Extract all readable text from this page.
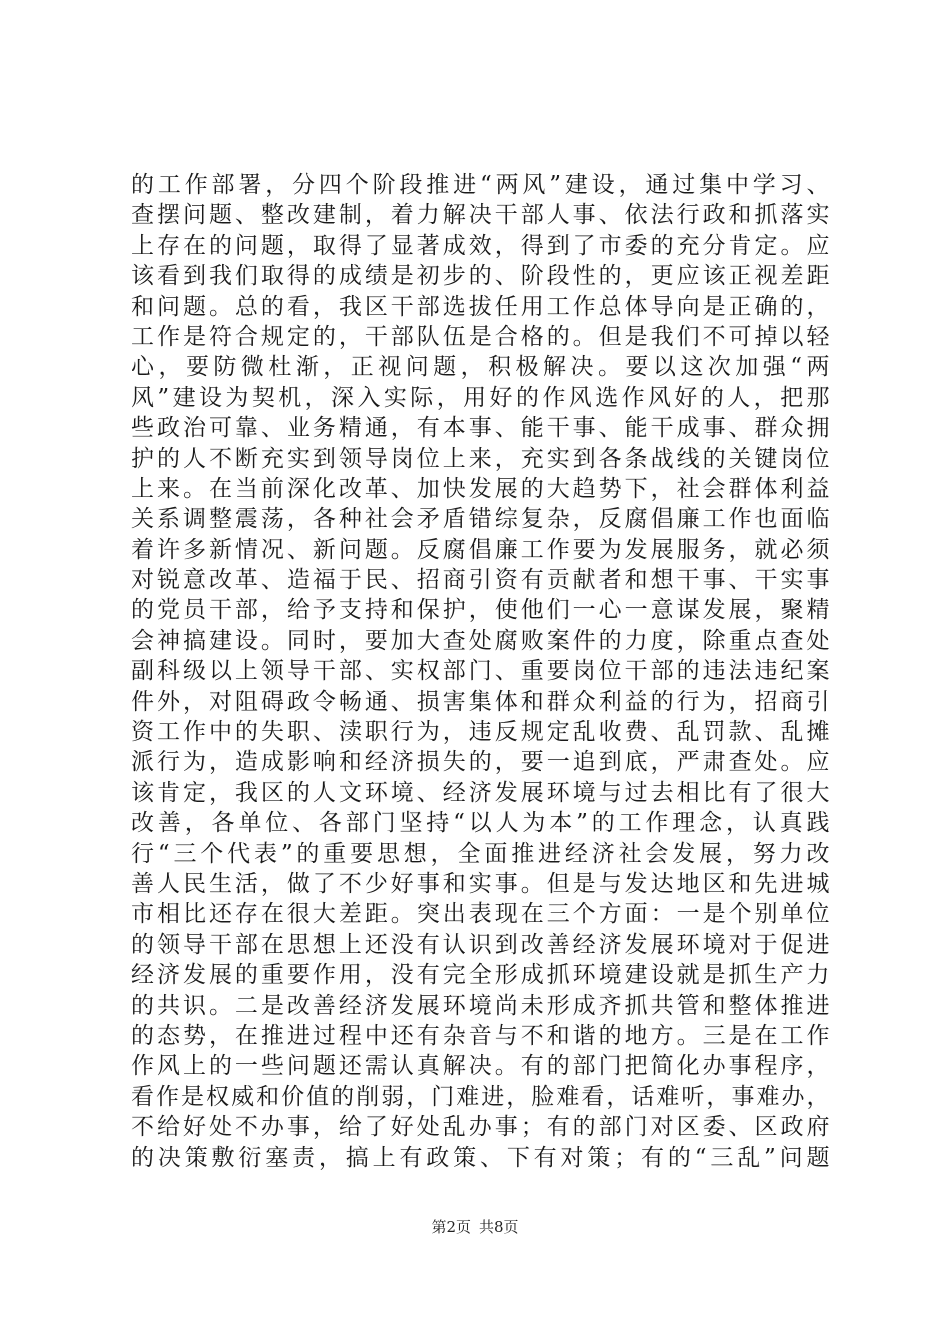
的工作部署，分四个阶段推进“两风”建设，通过集中学习、
查摆问题、整改建制，着力解决干部人事、依法行政和抓落实
上存在的问题，取得了显著成效，得到了市委的充分肯定。应
该看到我们取得的成绩是初步的、阶段性的，更应该正视差距
和问题。总的看，我区干部选拔任用工作总体导向是正确的，
工作是符合规定的，干部队伍是合格的。但是我们不可掉以轻
心，要防微杜渐，正视问题，积极解决。要以这次加强“两
风”建设为契机，深入实际，用好的作风选作风好的人，把那
些政治可靠、业务精通，有本事、能干事、能干成事、群众拥
护的人不断充实到领导岗位上来，充实到各条战线的关键岗位
上来。在当前深化改革、加快发展的大趋势下，社会群体利益
关系调整震荡，各种社会矛盾错综复杂，反腐倡廉工作也面临
着许多新情况、新问题。反腐倡廉工作要为发展服务，就必须
对锐意改革、造福于民、招商引资有贡献者和想干事、干实事
的党员干部，给予支持和保护，使他们一心一意谋发展，聚精
会神搞建设。同时，要加大查处腐败案件的力度，除重点查处
副科级以上领导干部、实权部门、重要岗位干部的违法违纪案
件外，对阻碍政令畅通、损害集体和群众利益的行为，招商引
资工作中的失职、渎职行为，违反规定乱收费、乱罚款、乱摊
派行为，造成影响和经济损失的，要一追到底，严肃查处。应
该肯定，我区的人文环境、经济发展环境与过去相比有了很大
改善，各单位、各部门坚持“以人为本”的工作理念，认真践
行“三个代表”的重要思想，全面推进经济社会发展，努力改
善人民生活，做了不少好事和实事。但是与发达地区和先进城
市相比还存在很大差距。突出表现在三个方面：一是个别单位
的领导干部在思想上还没有认识到改善经济发展环境对于促进
经济发展的重要作用，没有完全形成抓环境建设就是抓生产力
的共识。二是改善经济发展环境尚未形成齐抓共管和整体推进
的态势，在推进过程中还有杂音与不和谐的地方。三是在工作
作风上的一些问题还需认真解决。有的部门把简化办事程序，
看作是权威和价值的削弱，门难进，脸难看，话难听，事难办，
不给好处不办事，给了好处乱办事；有的部门对区委、区政府
的决策敷衍塞责，搞上有政策、下有对策；有的“三乱”问题
第2页 共8页
